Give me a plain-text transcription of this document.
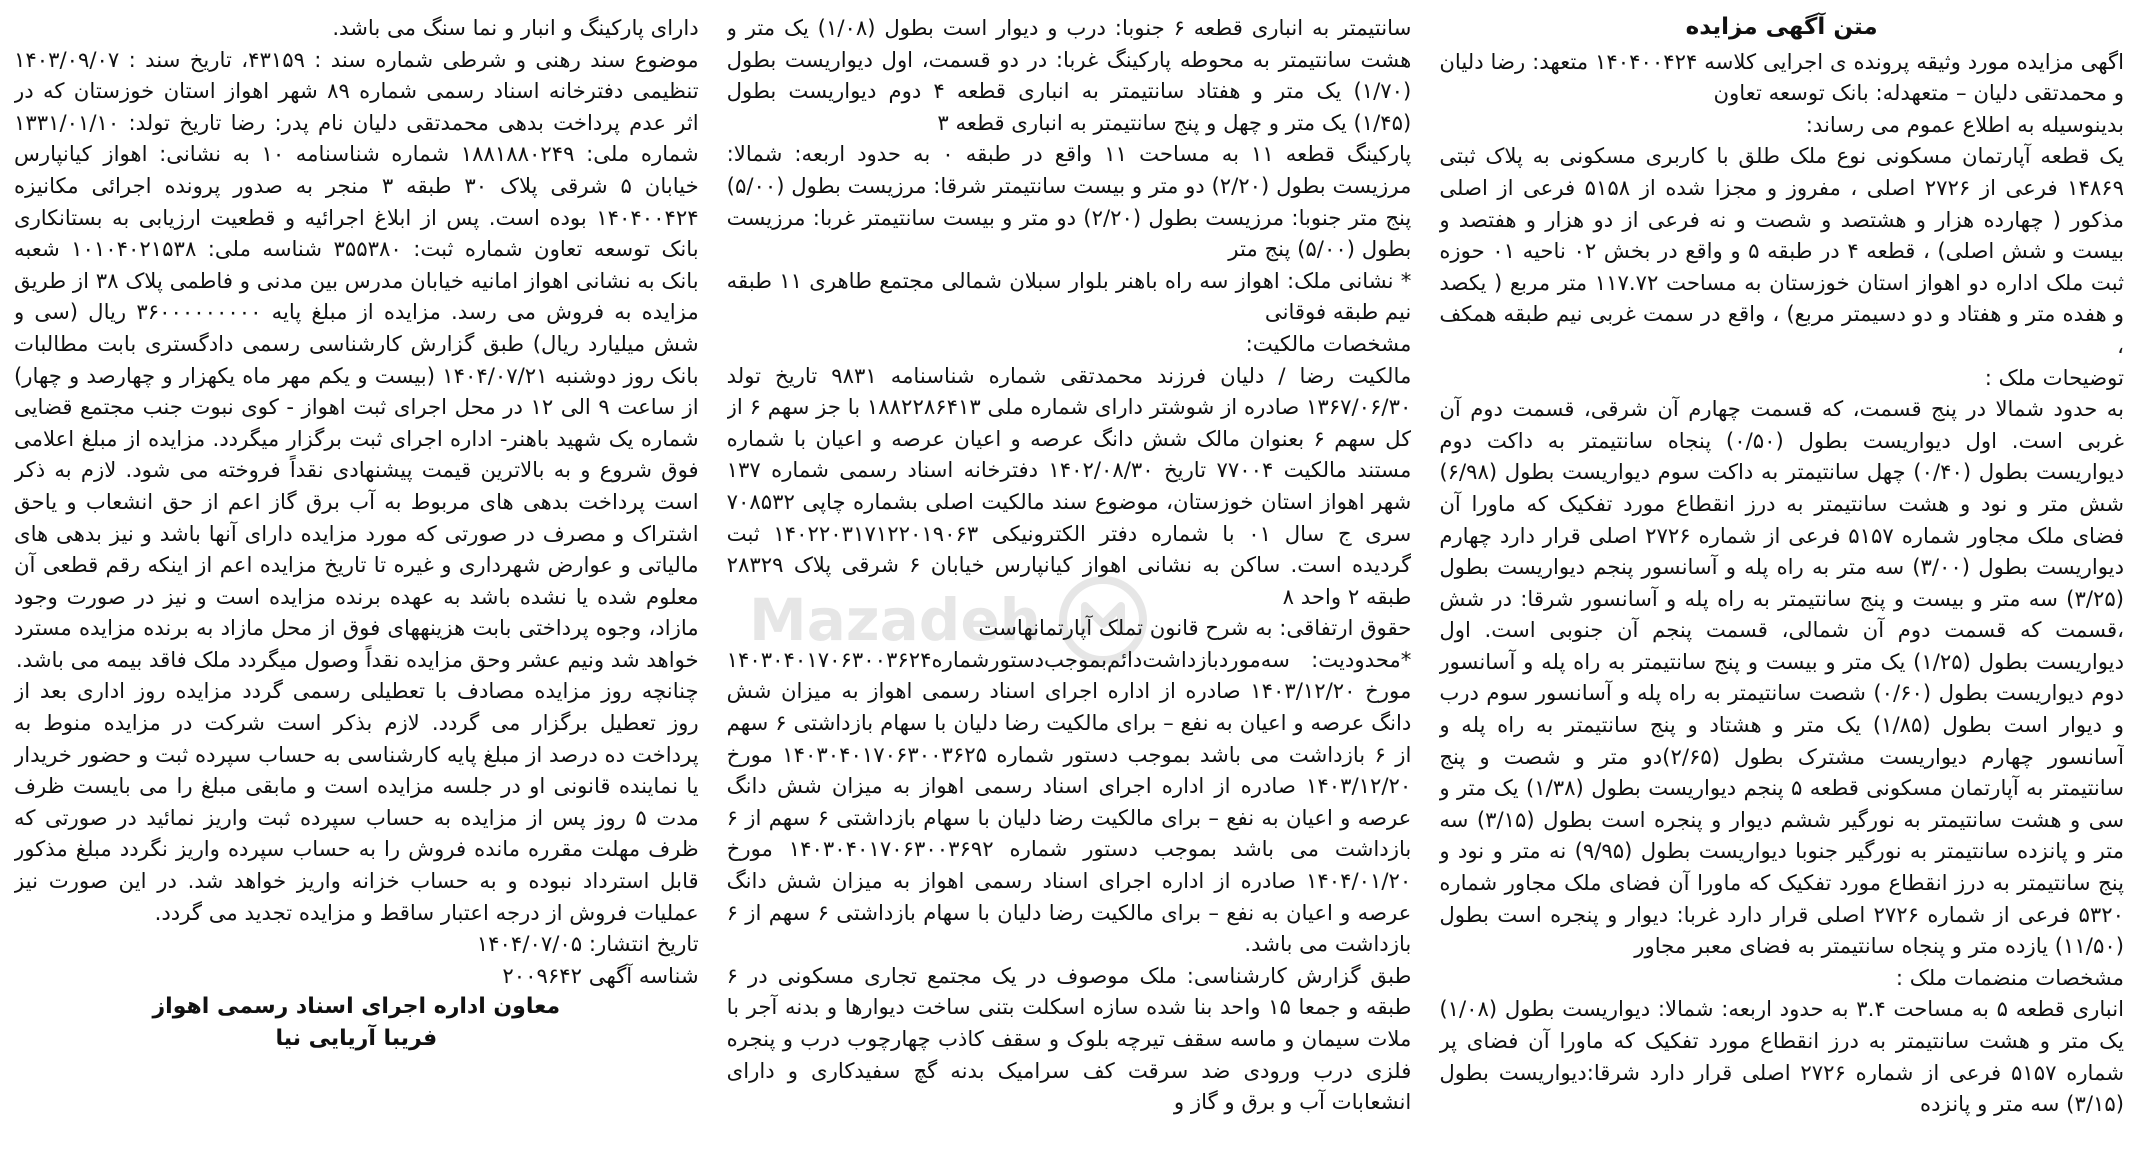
متن آگهی مزایده

اگهی مزایده مورد وثیقه پرونده ی اجرایی کلاسه ۱۴۰۴۰۰۴۲۴ متعهد: رضا دلیان و محمدتقی دلیان – متعهدله: بانک توسعه تعاون

بدینوسیله به اطلاع عموم می رساند:

یک قطعه آپارتمان مسکونی نوع ملک طلق با کاربری مسکونی به پلاک ثبتی ۱۴۸۶۹ فرعی از ۲۷۲۶ اصلی ، مفروز و مجزا شده از ۵۱۵۸ فرعی از اصلی مذکور ( چهارده هزار و هشتصد و شصت و نه فرعی از دو هزار و هفتصد و بیست و شش اصلی) ، قطعه ۴ در طبقه ۵ و واقع در بخش ۰۲ ناحیه ۰۱ حوزه ثبت ملک اداره دو اهواز استان خوزستان به مساحت ۱۱۷.۷۲ متر مربع ( یکصد و هفده متر و هفتاد و دو دسیمتر مربع) ، واقع در سمت غربی نیم طبقه همکف ،

توضیحات ملک :

به حدود شمالا در پنج قسمت، که قسمت چهارم آن شرقی، قسمت دوم آن غربی است. اول دیواریست بطول (۰/۵۰) پنجاه سانتیمتر به داکت دوم دیواریست بطول (۰/۴۰) چهل سانتیمتر به داکت سوم دیواریست بطول (۶/۹۸) شش متر و نود و هشت سانتیمتر به درز انقطاع مورد تفکیک که ماورا آن فضای ملک مجاور شماره ۵۱۵۷ فرعی از شماره ۲۷۲۶ اصلی قرار دارد چهارم دیواریست بطول (۳/۰۰) سه متر به راه پله و آسانسور پنجم دیواریست بطول (۳/۲۵) سه متر و بیست و پنج سانتیمتر به راه پله و آسانسور شرقا: در شش ،قسمت که قسمت دوم آن شمالی، قسمت پنجم آن جنوبی است. اول دیواریست بطول (۱/۲۵) یک متر و بیست و پنج سانتیمتر به راه پله و آسانسور دوم دیواریست بطول (۰/۶۰) شصت سانتیمتر به راه پله و آسانسور سوم درب و دیوار است بطول (۱/۸۵) یک متر و هشتاد و پنج سانتیمتر به راه پله و آسانسور چهارم دیواریست مشترک بطول (۲/۶۵)دو متر و شصت و پنج سانتیمتر به آپارتمان مسکونی قطعه ۵ پنجم دیواریست بطول (۱/۳۸) یک متر و سی و هشت سانتیمتر به نورگیر ششم دیوار و پنجره است بطول (۳/۱۵) سه متر و پانزده سانتیمتر به نورگیر جنوبا دیواریست بطول (۹/۹۵) نه متر و نود و پنج سانتیمتر به درز انقطاع مورد تفکیک که ماورا آن فضای ملک مجاور شماره ۵۳۲۰ فرعی از شماره ۲۷۲۶ اصلی قرار دارد غربا: دیوار و پنجره است بطول (۱۱/۵۰) یازده متر و پنجاه سانتیمتر به فضای معبر مجاور

مشخصات منضمات ملک :

انباری قطعه ۵ به مساحت ۳.۴ به حدود اربعه: شمالا: دیواریست بطول (۱/۰۸) یک متر و هشت سانتیمتر به درز انقطاع مورد تفکیک که ماورا آن فضای پر شماره ۵۱۵۷ فرعی از شماره ۲۷۲۶ اصلی قرار دارد شرقا:دیواریست بطول (۳/۱۵) سه متر و پانزده

سانتیمتر به انباری قطعه ۶ جنوبا: درب و دیوار است بطول (۱/۰۸) یک متر و هشت سانتیمتر به محوطه پارکینگ غربا: در دو قسمت، اول دیواریست بطول (۱/۷۰) یک متر و هفتاد سانتیمتر به انباری قطعه ۴ دوم دیواریست بطول (۱/۴۵) یک متر و چهل و پنج سانتیمتر به انباری قطعه ۳

پارکینگ قطعه ۱۱ به مساحت ۱۱ واقع در طبقه ۰ به حدود اربعه: شمالا: مرزیست بطول (۲/۲۰) دو متر و بیست سانتیمتر شرقا: مرزیست بطول (۵/۰۰) پنج متر جنوبا: مرزیست بطول (۲/۲۰) دو متر و بیست سانتیمتر غربا: مرزیست بطول (۵/۰۰) پنج متر

* نشانی ملک: اهواز سه راه باهنر بلوار سبلان شمالی مجتمع طاهری ۱۱ طبقه نیم طبقه فوقانی

مشخصات مالکیت:

مالکیت رضا / دلیان فرزند محمدتقی شماره شناسنامه ۹۸۳۱ تاریخ تولد ۱۳۶۷/۰۶/۳۰ صادره از شوشتر دارای شماره ملی ۱۸۸۲۲۸۶۴۱۳ با جز سهم ۶ از کل سهم ۶ بعنوان مالک شش دانگ عرصه و اعیان عرصه و اعیان با شماره مستند مالکیت ۷۷۰۰۴ تاریخ ۱۴۰۲/۰۸/۳۰ دفترخانه اسناد رسمی شماره ۱۳۷ شهر اهواز استان خوزستان، موضوع سند مالکیت اصلی بشماره چاپی ۷۰۸۵۳۲ سری ج سال ۰۱ با شماره دفتر الکترونیکی ۱۴۰۲۲۰۳۱۷۱۲۲۰۱۹۰۶۳ ثبت گردیده است. ساکن به نشانی اهواز کیانپارس خیابان ۶ شرقی پلاک ۲۸۳۲۹ طبقه ۲ واحد ۸

حقوق ارتفاقی: به شرح قانون تملک آپارتمانهاست

*محدودیت: سه‌موردبازداشت‌دائم‌بموجب‌دستورشماره۱۴۰۳۰۴۰۱۷۰۶۳۰۰۳۶۲۴ مورخ ۱۴۰۳/۱۲/۲۰ صادره از اداره اجرای اسناد رسمی اهواز به میزان شش دانگ عرصه و اعیان به نفع – برای مالکیت رضا دلیان با سهام بازداشتی ۶ سهم از ۶ بازداشت می باشد بموجب دستور شماره ۱۴۰۳۰۴۰۱۷۰۶۳۰۰۳۶۲۵ مورخ ۱۴۰۳/۱۲/۲۰ صادره از اداره اجرای اسناد رسمی اهواز به میزان شش دانگ عرصه و اعیان به نفع – برای مالکیت رضا دلیان با سهام بازداشتی ۶ سهم از ۶ بازداشت می باشد بموجب دستور شماره ۱۴۰۳۰۴۰۱۷۰۶۳۰۰۳۶۹۲ مورخ ۱۴۰۴/۰۱/۲۰ صادره از اداره اجرای اسناد رسمی اهواز به میزان شش دانگ عرصه و اعیان به نفع – برای مالکیت رضا دلیان با سهام بازداشتی ۶ سهم از ۶ بازداشت می باشد.

طبق گزارش کارشناسی: ملک موصوف در یک مجتمع تجاری مسکونی در ۶ طبقه و جمعا ۱۵ واحد بنا شده سازه اسکلت بتنی ساخت دیوارها و بدنه آجر با ملات سیمان و ماسه سقف تیرچه بلوک و سقف کاذب چهارچوب درب و پنجره فلزی درب ورودی ضد سرقت کف سرامیک بدنه گچ سفیدکاری و دارای انشعابات آب و برق و گاز و

دارای پارکینگ و انبار و نما سنگ می باشد.

موضوع سند رهنی و شرطی شماره سند : ۴۳۱۵۹، تاریخ سند : ۱۴۰۳/۰۹/۰۷ تنظیمی دفترخانه اسناد رسمی شماره ۸۹ شهر اهواز استان خوزستان که در اثر عدم پرداخت بدهی محمدتقی دلیان نام پدر: رضا تاریخ تولد: ۱۳۳۱/۰۱/۱۰ شماره ملی: ۱۸۸۱۸۸۰۲۴۹ شماره شناسنامه ۱۰ به نشانی: اهواز کیانپارس خیابان ۵ شرقی پلاک ۳۰ طبقه ۳ منجر به صدور پرونده اجرائی مکانیزه ۱۴۰۴۰۰۴۲۴ بوده است. پس از ابلاغ اجرائیه و قطعیت ارزیابی به بستانکاری بانک توسعه تعاون شماره ثبت: ۳۵۵۳۸۰ شناسه ملی: ۱۰۱۰۴۰۲۱۵۳۸ شعبه بانک به نشانی اهواز امانیه خیابان مدرس بین مدنی و فاطمی پلاک ۳۸ از طریق مزایده به فروش می رسد. مزایده از مبلغ پایه ۳۶۰۰۰۰۰۰۰۰۰ ریال (سی و شش میلیارد ریال) طبق گزارش کارشناسی رسمی دادگستری بابت مطالبات بانک روز دوشنبه ۱۴۰۴/۰۷/۲۱ (بیست و یکم مهر ماه یکهزار و چهارصد و چهار) از ساعت ۹ الی ۱۲ در محل اجرای ثبت اهواز - کوی نبوت جنب مجتمع قضایی شماره یک شهید باهنر- اداره اجرای ثبت برگزار میگردد. مزایده از مبلغ اعلامی فوق شروع و به بالاترین قیمت پیشنهادی نقداً فروخته می شود. لازم به ذکر است پرداخت بدهی های مربوط به آب برق گاز اعم از حق انشعاب و یاحق اشتراک و مصرف در صورتی که مورد مزایده دارای آنها باشد و نیز بدهی های مالیاتی و عوارض شهرداری و غیره تا تاریخ مزایده اعم از اینکه رقم قطعی آن معلوم شده یا نشده باشد به عهده برنده مزایده است و نیز در صورت وجود مازاد، وجوه پرداختی بابت هزینههای فوق از محل مازاد به برنده مزایده مسترد خواهد شد ونیم عشر وحق مزایده نقداً وصول میگردد ملک فاقد بیمه می باشد.

چنانچه روز مزایده مصادف با تعطیلی رسمی گردد مزایده روز اداری بعد از روز تعطیل برگزار می گردد. لازم بذکر است شرکت در مزایده منوط به پرداخت ده درصد از مبلغ پایه کارشناسی به حساب سپرده ثبت و حضور خریدار یا نماینده قانونی او در جلسه مزایده است و مابقی مبلغ را می بایست ظرف مدت ۵ روز پس از مزایده به حساب سپرده ثبت واریز نمائید در صورتی که ظرف مهلت مقرره مانده فروش را به حساب سپرده واریز نگردد مبلغ مذکور قابل استرداد نبوده و به حساب خزانه واریز خواهد شد. در این صورت نیز عملیات فروش از درجه اعتبار ساقط و مزایده تجدید می گردد.

تاریخ انتشار: ۱۴۰۴/۰۷/۰۵

شناسه آگهی ۲۰۰۹۶۴۲

معاون اداره اجرای اسناد رسمی اهواز

فریبا آریایی نیا

Mazadeh
